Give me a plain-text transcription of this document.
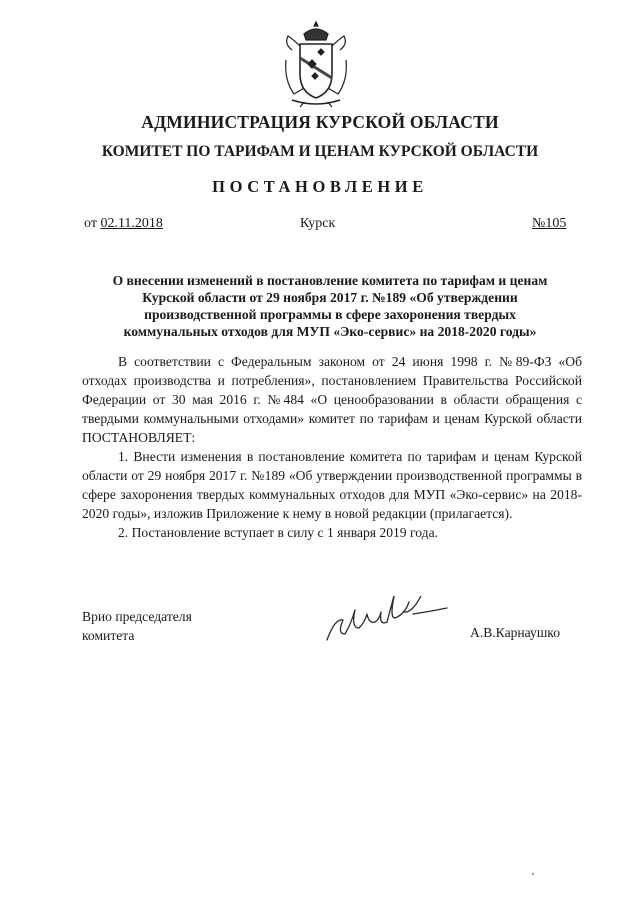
АДМИНИСТРАЦИЯ КУРСКОЙ ОБЛАСТИ
КОМИТЕТ ПО ТАРИФАМ И ЦЕНАМ КУРСКОЙ ОБЛАСТИ
ПОСТАНОВЛЕНИЕ
от 02.11.2018	Курск	№105
О внесении изменений в постановление комитета по тарифам и ценам
Курской области от 29 ноября 2017 г. №189 «Об утверждении
производственной программы в сфере захоронения твердых
коммунальных отходов для МУП «Эко-сервис» на 2018-2020 годы»

В соответствии с Федеральным законом от 24 июня 1998 г. №89-ФЗ «Об отходах производства и потребления», постановлением Правительства Российской Федерации от 30 мая 2016 г. №484 «О ценообразовании в области обращения с твердыми коммунальными отходами» комитет по тарифам и ценам Курской области ПОСТАНОВЛЯЕТ:

1. Внести изменения в постановление комитета по тарифам и ценам Курской области от 29 ноября 2017 г. №189 «Об утверждении производственной программы в сфере захоронения твердых коммунальных отходов для МУП «Эко-сервис» на 2018-2020 годы», изложив Приложение к нему в новой редакции (прилагается).

2. Постановление вступает в силу с 1 января 2019 года.

Врио председателя
комитета	А.В.Карнаушко
